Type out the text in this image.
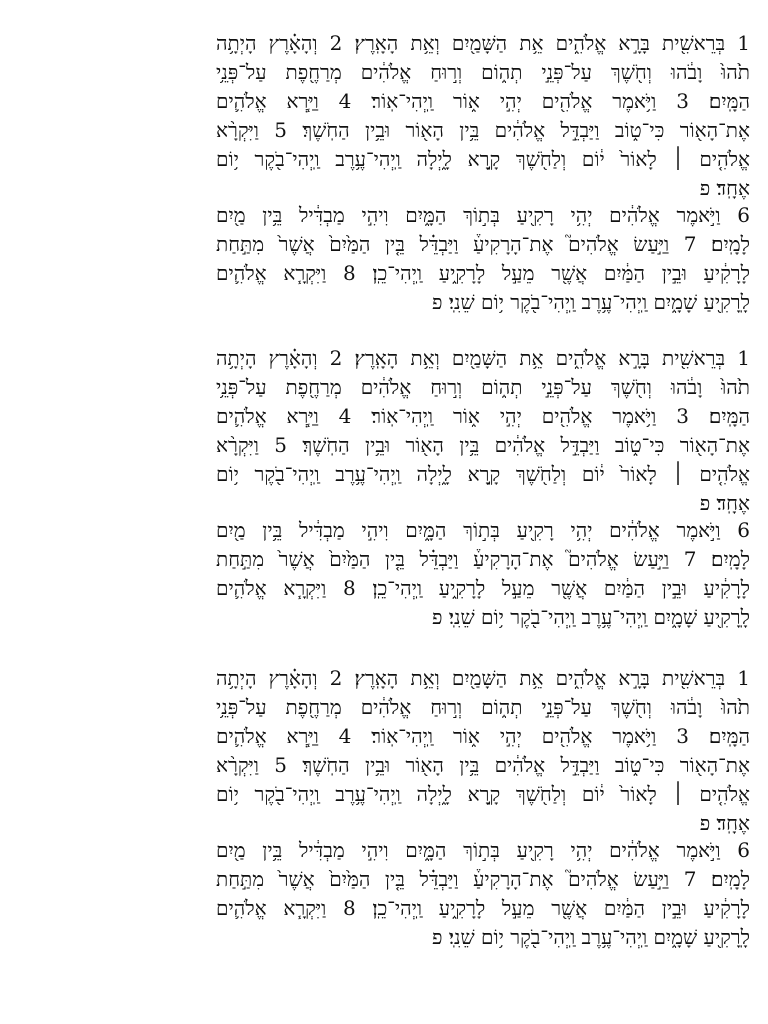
1 בְּרֵאשִׁ֖ית בָּרָ֣א אֱלֹהִ֑ים אֵ֥ת הַשָּׁמַ֖יִם וְאֵ֥ת הָאָֽרֶץ׃ 2 וְהָאָ֗רֶץ הָיְתָ֥ה
תֹ֙הוּ֙ וָבֹ֔הוּ וְחֹ֖שֶׁךְ עַל־פְּנֵ֣י תְה֑וֹם וְר֣וּחַ אֱלֹהִ֔ים מְרַחֶ֖פֶת עַל־פְּנֵ֥י
הַמָּֽיִם׃ 3 וַיֹּ֥אמֶר אֱלֹהִ֖ים יְהִ֣י א֑וֹר וַֽיְהִי־אֽוֹר׃ 4 וַיַּ֧רְא אֱלֹהִ֛ים
אֶת־הָא֖וֹר כִּי־ט֑וֹב וַיַּבְדֵּ֣ל אֱלֹהִ֔ים בֵּ֥ין הָא֖וֹר וּבֵ֥ין הַחֹֽשֶׁךְ׃ 5 וַיִּקְרָ֨א
אֱלֹהִ֤ים ׀ לָאוֹר֙ י֔וֹם וְלַחֹ֖שֶׁךְ קָ֣רָא לָ֑יְלָה וַֽיְהִי־עֶ֥רֶב וַֽיְהִי־בֹ֖קֶר י֥וֹם
אֶחָֽד׃ פ
6 וַיֹּ֣אמֶר אֱלֹהִ֔ים יְהִ֥י רָקִ֖יעַ בְּת֣וֹךְ הַמָּ֑יִם וִיהִ֣י מַבְדִּ֔יל בֵּ֥ין מַ֖יִם
לָמָֽיִם׃ 7 וַיַּ֣עַשׂ אֱלֹהִים֮ אֶת־הָרָקִיעַ֒ וַיַּבְדֵּ֗ל בֵּ֤ין הַמַּ֙יִם֙ אֲשֶׁר֙ מִתַּ֣חַת
לָרָקִ֔יעַ וּבֵ֣ין הַמַּ֔יִם אֲשֶׁ֖ר מֵעַ֣ל לָרָקִ֑יעַ וַֽיְהִי־כֵֽן׃ 8 וַיִּקְרָ֧א אֱלֹהִ֛ים
לָֽרָקִ֖יעַ שָׁמָ֑יִם וַֽיְהִי־עֶ֥רֶב וַֽיְהִי־בֹ֖קֶר י֥וֹם שֵׁנִֽי׃ פ
1 בְּרֵאשִׁ֖ית בָּרָ֣א אֱלֹהִ֑ים אֵ֥ת הַשָּׁמַ֖יִם וְאֵ֥ת הָאָֽרֶץ׃ 2 וְהָאָ֗רֶץ הָיְתָ֥ה
תֹ֙הוּ֙ וָבֹ֔הוּ וְחֹ֖שֶׁךְ עַל־פְּנֵ֣י תְה֑וֹם וְר֣וּחַ אֱלֹהִ֔ים מְרַחֶ֖פֶת עַל־פְּנֵ֥י
הַמָּֽיִם׃ 3 וַיֹּ֥אמֶר אֱלֹהִ֖ים יְהִ֣י א֑וֹר וַֽיְהִי־אֽוֹר׃ 4 וַיַּ֧רְא אֱלֹהִ֛ים
אֶת־הָא֖וֹר כִּי־ט֑וֹב וַיַּבְדֵּ֣ל אֱלֹהִ֔ים בֵּ֥ין הָא֖וֹר וּבֵ֥ין הַחֹֽשֶׁךְ׃ 5 וַיִּקְרָ֨א
אֱלֹהִ֤ים ׀ לָאוֹר֙ י֔וֹם וְלַחֹ֖שֶׁךְ קָ֣רָא לָ֑יְלָה וַֽיְהִי־עֶ֥רֶב וַֽיְהִי־בֹ֖קֶר י֥וֹם
אֶחָֽד׃ פ
6 וַיֹּ֣אמֶר אֱלֹהִ֔ים יְהִ֥י רָקִ֖יעַ בְּת֣וֹךְ הַמָּ֑יִם וִיהִ֣י מַבְדִּ֔יל בֵּ֥ין מַ֖יִם
לָמָֽיִם׃ 7 וַיַּ֣עַשׂ אֱלֹהִים֮ אֶת־הָרָקִיעַ֒ וַיַּבְדֵּ֗ל בֵּ֤ין הַמַּ֙יִם֙ אֲשֶׁר֙ מִתַּ֣חַת
לָרָקִ֔יעַ וּבֵ֣ין הַמַּ֔יִם אֲשֶׁ֖ר מֵעַ֣ל לָרָקִ֑יעַ וַֽיְהִי־כֵֽן׃ 8 וַיִּקְרָ֧א אֱלֹהִ֛ים
לָֽרָקִ֖יעַ שָׁמָ֑יִם וַֽיְהִי־עֶ֥רֶב וַֽיְהִי־בֹ֖קֶר י֥וֹם שֵׁנִֽי׃ פ
1 בְּרֵאשִׁ֖ית בָּרָ֣א אֱלֹהִ֑ים אֵ֥ת הַשָּׁמַ֖יִם וְאֵ֥ת הָאָֽרֶץ׃ 2 וְהָאָ֗רֶץ הָיְתָ֥ה
תֹ֙הוּ֙ וָבֹ֔הוּ וְחֹ֖שֶׁךְ עַל־פְּנֵ֣י תְה֑וֹם וְר֣וּחַ אֱלֹהִ֔ים מְרַחֶ֖פֶת עַל־פְּנֵ֥י
הַמָּֽיִם׃ 3 וַיֹּ֥אמֶר אֱלֹהִ֖ים יְהִ֣י א֑וֹר וַֽיְהִי־אֽוֹר׃ 4 וַיַּ֧רְא אֱלֹהִ֛ים
אֶת־הָא֖וֹר כִּי־ט֑וֹב וַיַּבְדֵּ֣ל אֱלֹהִ֔ים בֵּ֥ין הָא֖וֹר וּבֵ֥ין הַחֹֽשֶׁךְ׃ 5 וַיִּקְרָ֨א
אֱלֹהִ֤ים ׀ לָאוֹר֙ י֔וֹם וְלַחֹ֖שֶׁךְ קָ֣רָא לָ֑יְלָה וַֽיְהִי־עֶ֥רֶב וַֽיְהִי־בֹ֖קֶר י֥וֹם
אֶחָֽד׃ פ
6 וַיֹּ֣אמֶר אֱלֹהִ֔ים יְהִ֥י רָקִ֖יעַ בְּת֣וֹךְ הַמָּ֑יִם וִיהִ֣י מַבְדִּ֔יל בֵּ֥ין מַ֖יִם
לָמָֽיִם׃ 7 וַיַּ֣עַשׂ אֱלֹהִים֮ אֶת־הָרָקִיעַ֒ וַיַּבְדֵּ֗ל בֵּ֤ין הַמַּ֙יִם֙ אֲשֶׁר֙ מִתַּ֣חַת
לָרָקִ֔יעַ וּבֵ֣ין הַמַּ֔יִם אֲשֶׁ֖ר מֵעַ֣ל לָרָקִ֑יעַ וַֽיְהִי־כֵֽן׃ 8 וַיִּקְרָ֧א אֱלֹהִ֛ים
לָֽרָקִ֖יעַ שָׁמָ֑יִם וַֽיְהִי־עֶ֥רֶב וַֽיְהִי־בֹ֖קֶר י֥וֹם שֵׁנִֽי׃ פ
